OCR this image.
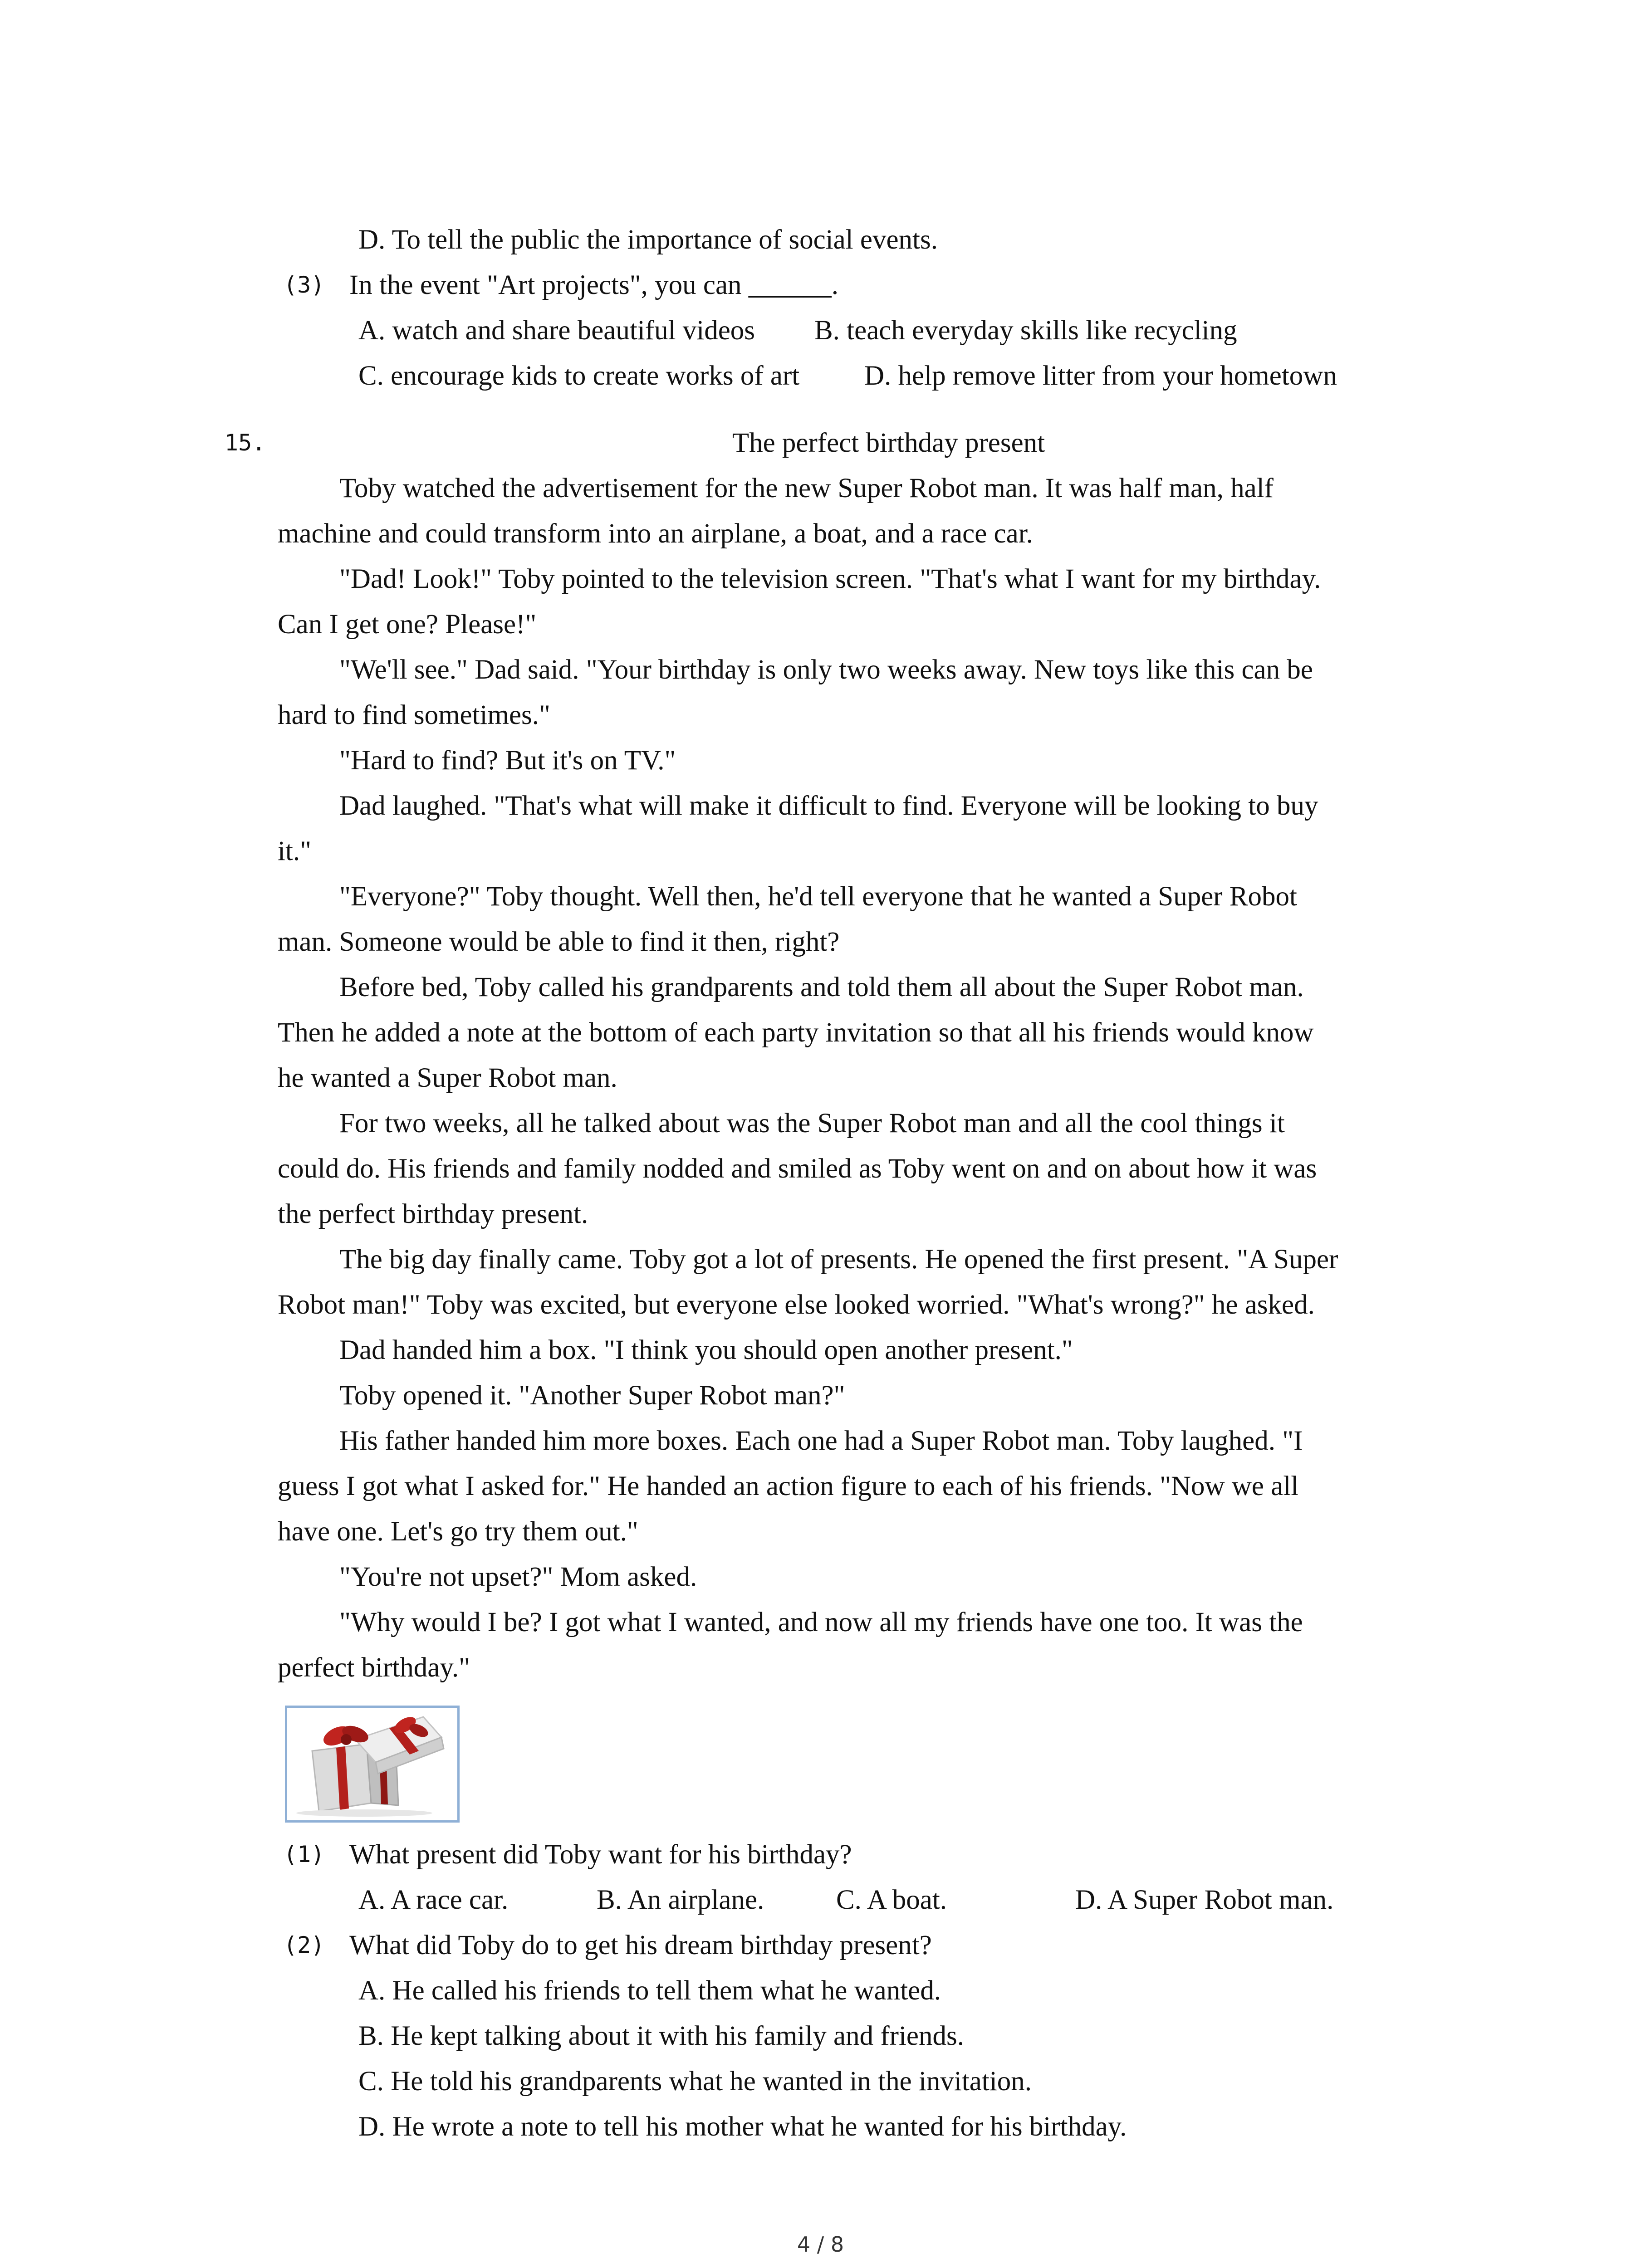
D. To tell the public the importance of social events.
(3) In the event "Art projects", you can ______.
A. watch and share beautiful videos B. teach everyday skills like recycling
C. encourage kids to create works of art D. help remove litter from your hometown
15.	The perfect birthday present
Toby watched the advertisement for the new Super Robot man. It was half man, half
machine and could transform into an airplane, a boat, and a race car.
"Dad! Look!" Toby pointed to the television screen. "That's what I want for my birthday.
Can I get one? Please!"
"We'll see." Dad said. "Your birthday is only two weeks away. New toys like this can be
hard to find sometimes."
"Hard to find? But it's on TV."
Dad laughed. "That's what will make it difficult to find. Everyone will be looking to buy
it."
"Everyone?" Toby thought. Well then, he'd tell everyone that he wanted a Super Robot
man. Someone would be able to find it then, right?
Before bed, Toby called his grandparents and told them all about the Super Robot man.
Then he added a note at the bottom of each party invitation so that all his friends would know
he wanted a Super Robot man.
For two weeks, all he talked about was the Super Robot man and all the cool things it
could do. His friends and family nodded and smiled as Toby went on and on about how it was
the perfect birthday present.
The big day finally came. Toby got a lot of presents. He opened the first present. "A Super
Robot man!" Toby was excited, but everyone else looked worried. "What's wrong?" he asked.
Dad handed him a box. "I think you should open another present."
Toby opened it. "Another Super Robot man?"
His father handed him more boxes. Each one had a Super Robot man. Toby laughed. "I
guess I got what I asked for." He handed an action figure to each of his friends. "Now we all
have one. Let's go try them out."
"You're not upset?" Mom asked.
"Why would I be? I got what I wanted, and now all my friends have one too. It was the
perfect birthday."
(1) What present did Toby want for his birthday?
A. A race car.	B. An airplane.	C. A boat.	D. A Super Robot man.
(2) What did Toby do to get his dream birthday present?
A. He called his friends to tell them what he wanted.
B. He kept talking about it with his family and friends.
C. He told his grandparents what he wanted in the invitation.
D. He wrote a note to tell his mother what he wanted for his birthday.
4 / 8
